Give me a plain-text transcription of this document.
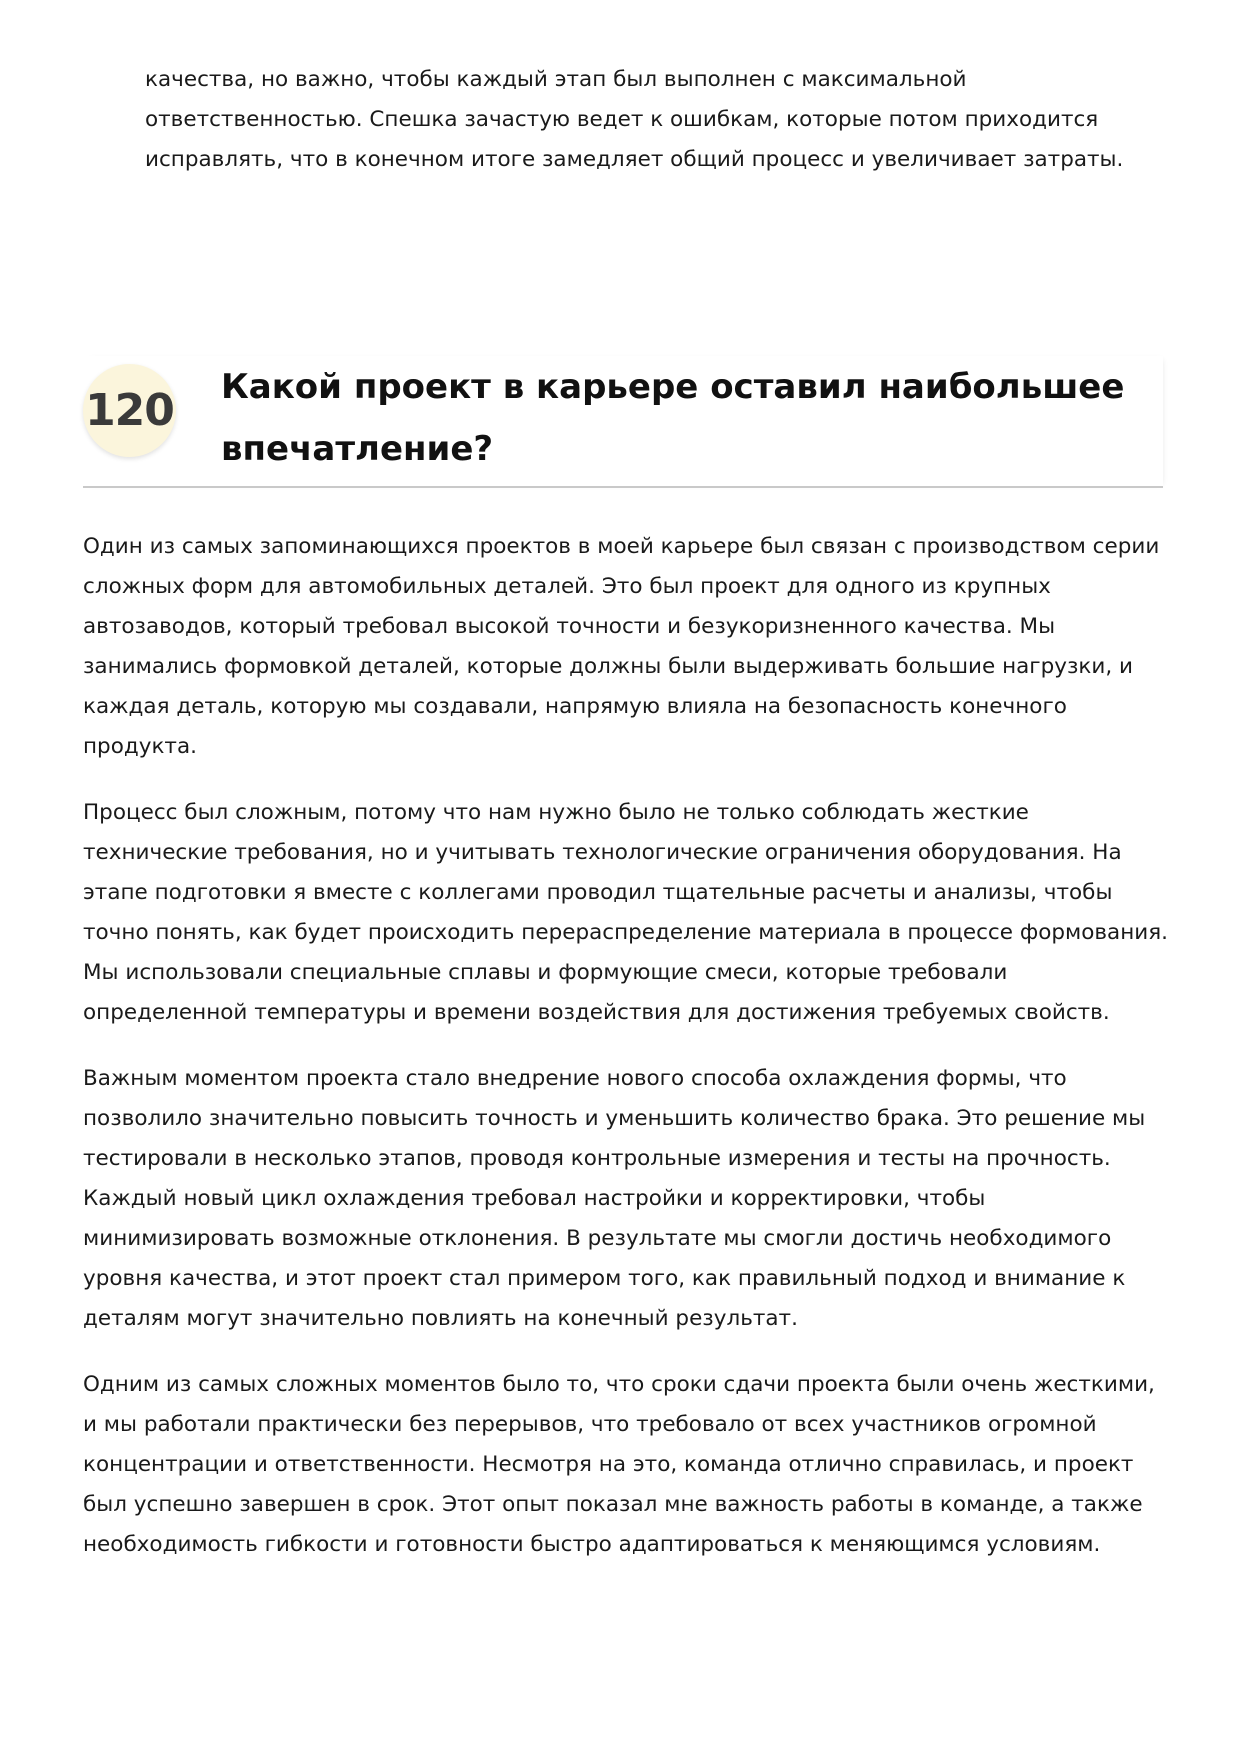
качества, но важно, чтобы каждый этап был выполнен с максимальной ответственностью. Спешка зачастую ведет к ошибкам, которые потом приходится исправлять, что в конечном итоге замедляет общий процесс и увеличивает затраты.

120 Какой проект в карьере оставил наибольшее впечатление?

Один из самых запоминающихся проектов в моей карьере был связан с производством серии сложных форм для автомобильных деталей. Это был проект для одного из крупных автозаводов, который требовал высокой точности и безукоризненного качества. Мы занимались формовкой деталей, которые должны были выдерживать большие нагрузки, и каждая деталь, которую мы создавали, напрямую влияла на безопасность конечного продукта.

Процесс был сложным, потому что нам нужно было не только соблюдать жесткие технические требования, но и учитывать технологические ограничения оборудования. На этапе подготовки я вместе с коллегами проводил тщательные расчеты и анализы, чтобы точно понять, как будет происходить перераспределение материала в процессе формования. Мы использовали специальные сплавы и формующие смеси, которые требовали определенной температуры и времени воздействия для достижения требуемых свойств.

Важным моментом проекта стало внедрение нового способа охлаждения формы, что позволило значительно повысить точность и уменьшить количество брака. Это решение мы тестировали в несколько этапов, проводя контрольные измерения и тесты на прочность. Каждый новый цикл охлаждения требовал настройки и корректировки, чтобы минимизировать возможные отклонения. В результате мы смогли достичь необходимого уровня качества, и этот проект стал примером того, как правильный подход и внимание к деталям могут значительно повлиять на конечный результат.

Одним из самых сложных моментов было то, что сроки сдачи проекта были очень жесткими, и мы работали практически без перерывов, что требовало от всех участников огромной концентрации и ответственности. Несмотря на это, команда отлично справилась, и проект был успешно завершен в срок. Этот опыт показал мне важность работы в команде, а также необходимость гибкости и готовности быстро адаптироваться к меняющимся условиям.
